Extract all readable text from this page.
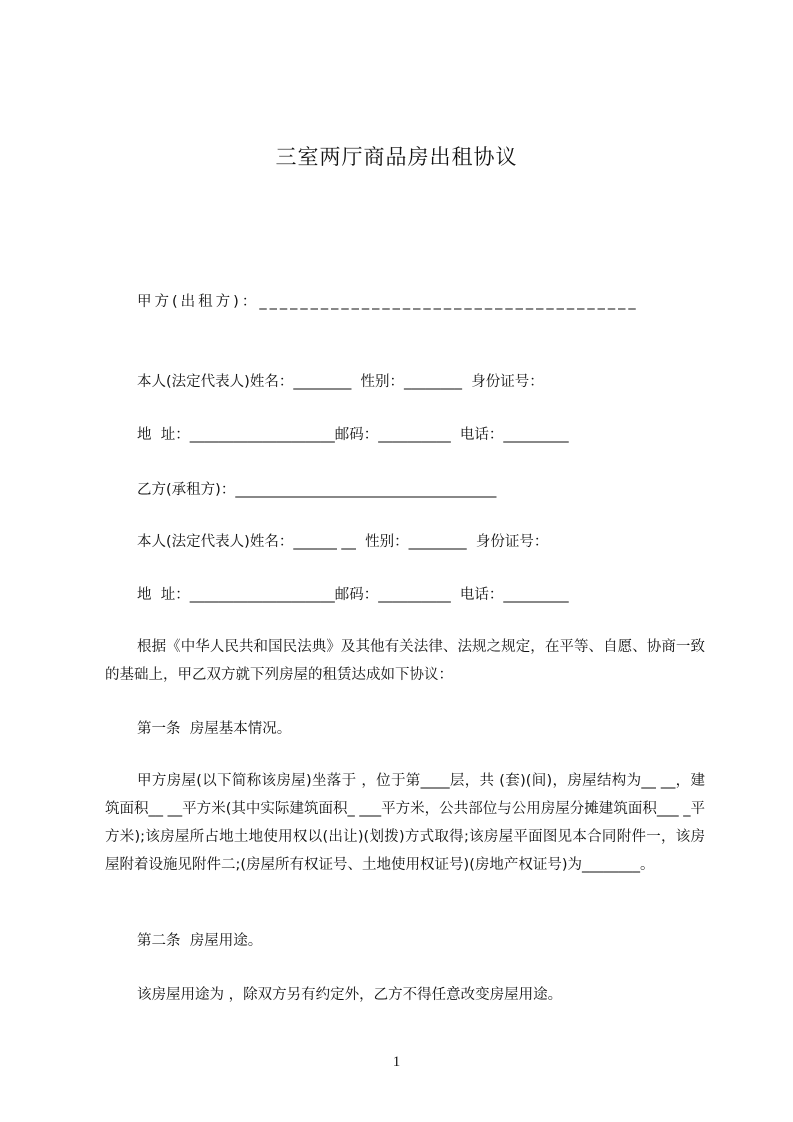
三室两厅商品房出租协议
甲方(出租方)：_____________________________________
本人(法定代表人)姓名：________  性别：________  身份证号：
地  址：____________________邮码：__________  电话：_________
乙方(承租方)：____________________________________
本人(法定代表人)姓名：______ __  性别：________  身份证号：
地  址：____________________邮码：__________  电话：_________
根据《中华人民共和国民法典》及其他有关法律、法规之规定，在平等、自愿、协商一致的基础上，甲乙双方就下列房屋的租赁达成如下协议：
第一条  房屋基本情况。
甲方房屋(以下简称该房屋)坐落于 ，位于第____层，共 (套)(间)，房屋结构为__ __，建筑面积__ __平方米(其中实际建筑面积_ ___平方米，公共部位与公用房屋分摊建筑面积___ _平方米);该房屋所占地土地使用权以(出让)(划拨)方式取得;该房屋平面图见本合同附件一，该房屋附着设施见附件二;(房屋所有权证号、土地使用权证号)(房地产权证号)为________。
第二条  房屋用途。
该房屋用途为 ，除双方另有约定外，乙方不得任意改变房屋用途。
1
